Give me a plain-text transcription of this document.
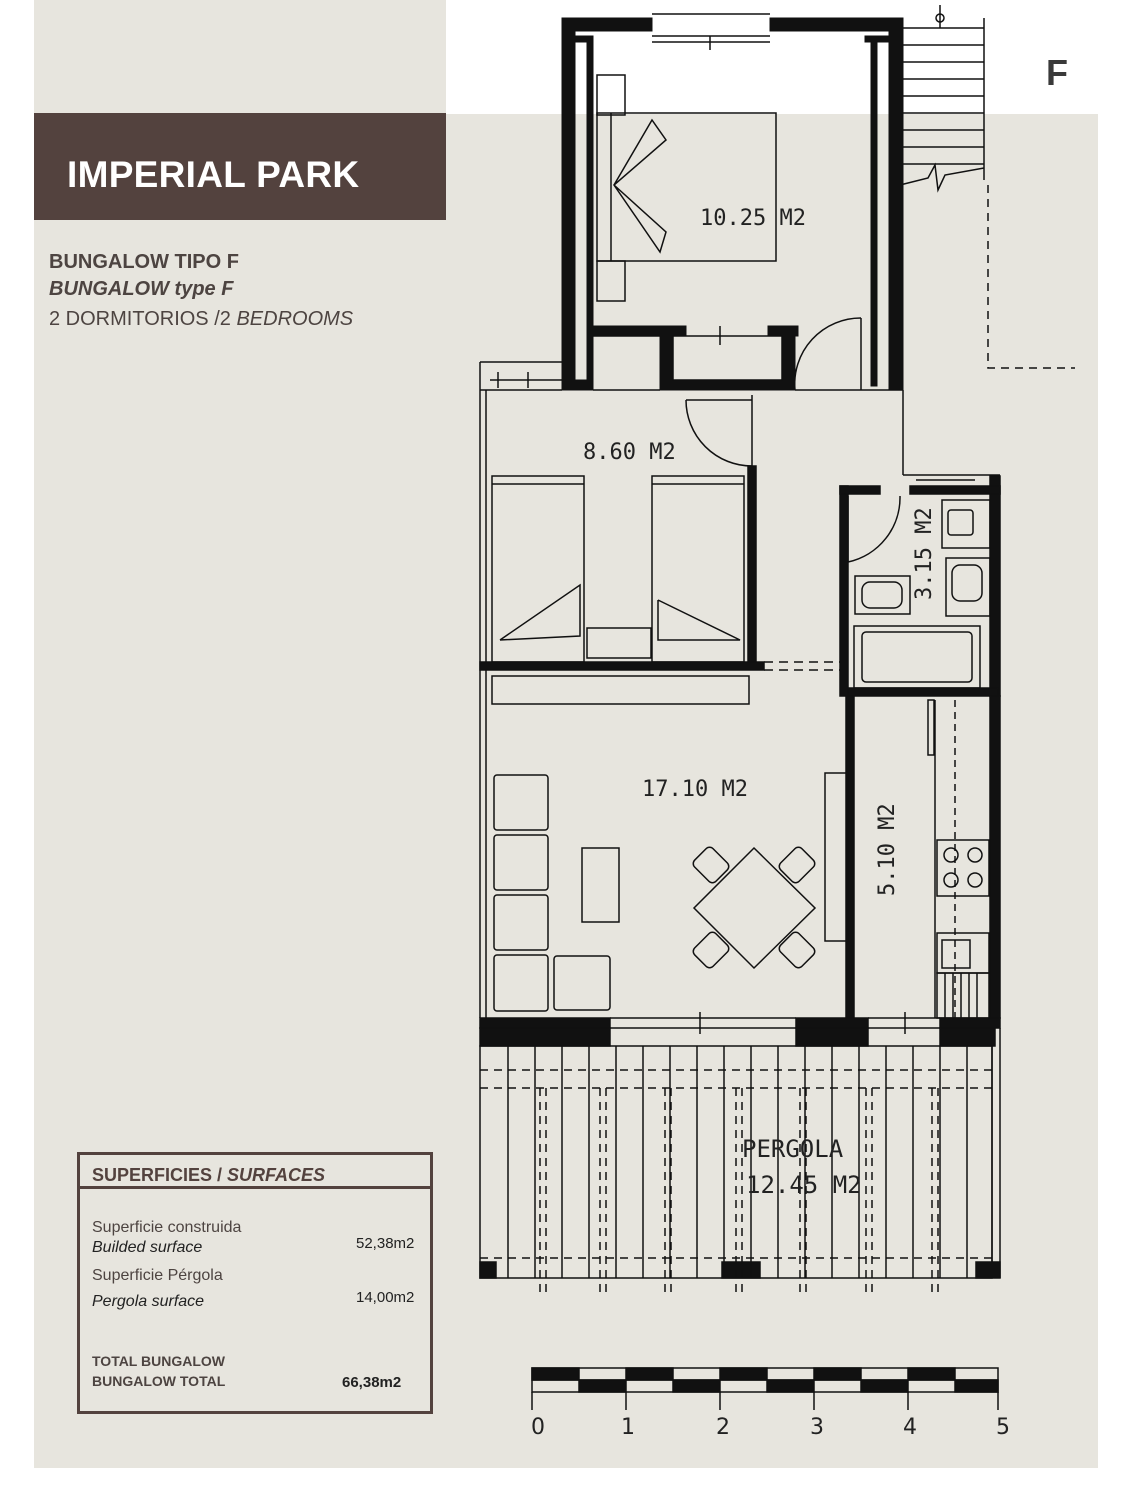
IMPERIAL PARK
BUNGALOW TIPO F
BUNGALOW type F
2 DORMITORIOS /2 BEDROOMS
F
10.25 M2
8.60 M2
3.15 M2
17.10 M2
5.10 M2
PERGOLA
12.45 M2
0	1	2	3	4	5
SUPERFICIES / SURFACES
Superficie construida
Builded surface	52,38m2
Superficie Pérgola
Pergola surface	14,00m2
TOTAL BUNGALOW
BUNGALOW TOTAL	66,38m2
